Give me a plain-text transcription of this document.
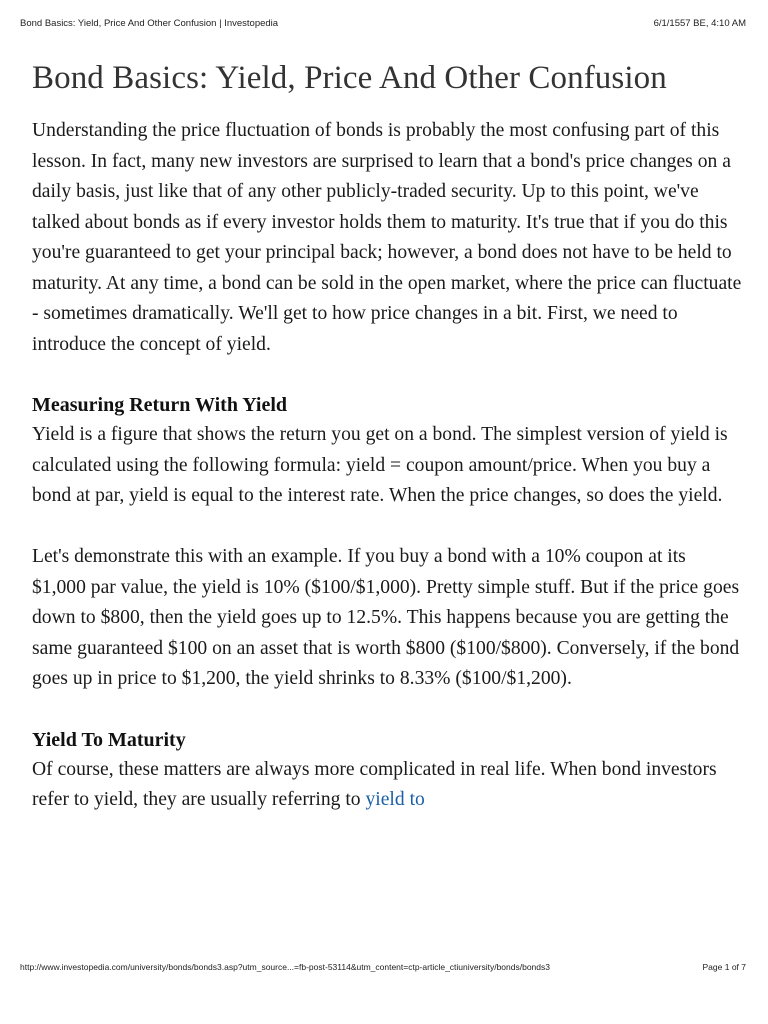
Bond Basics: Yield, Price And Other Confusion | Investopedia	6/1/1557 BE, 4:10 AM
Bond Basics: Yield, Price And Other Confusion

Understanding the price fluctuation of bonds is probably the most confusing part of this lesson. In fact, many new investors are surprised to learn that a bond's price changes on a daily basis, just like that of any other publicly-traded security. Up to this point, we've talked about bonds as if every investor holds them to maturity. It's true that if you do this you're guaranteed to get your principal back; however, a bond does not have to be held to maturity. At any time, a bond can be sold in the open market, where the price can fluctuate - sometimes dramatically. We'll get to how price changes in a bit. First, we need to introduce the concept of yield.

Measuring Return With Yield

Yield is a figure that shows the return you get on a bond. The simplest version of yield is calculated using the following formula: yield = coupon amount/price. When you buy a bond at par, yield is equal to the interest rate. When the price changes, so does the yield.

Let's demonstrate this with an example. If you buy a bond with a 10% coupon at its $1,000 par value, the yield is 10% ($100/$1,000). Pretty simple stuff. But if the price goes down to $800, then the yield goes up to 12.5%. This happens because you are getting the same guaranteed $100 on an asset that is worth $800 ($100/$800). Conversely, if the bond goes up in price to $1,200, the yield shrinks to 8.33% ($100/$1,200).

Yield To Maturity

Of course, these matters are always more complicated in real life. When bond investors refer to yield, they are usually referring to yield to

http://www.investopedia.com/university/bonds/bonds3.asp?utm_source...=fb-post-53114&utm_content=ctp-article_ctiuniversity/bonds/bonds3	Page 1 of 7
